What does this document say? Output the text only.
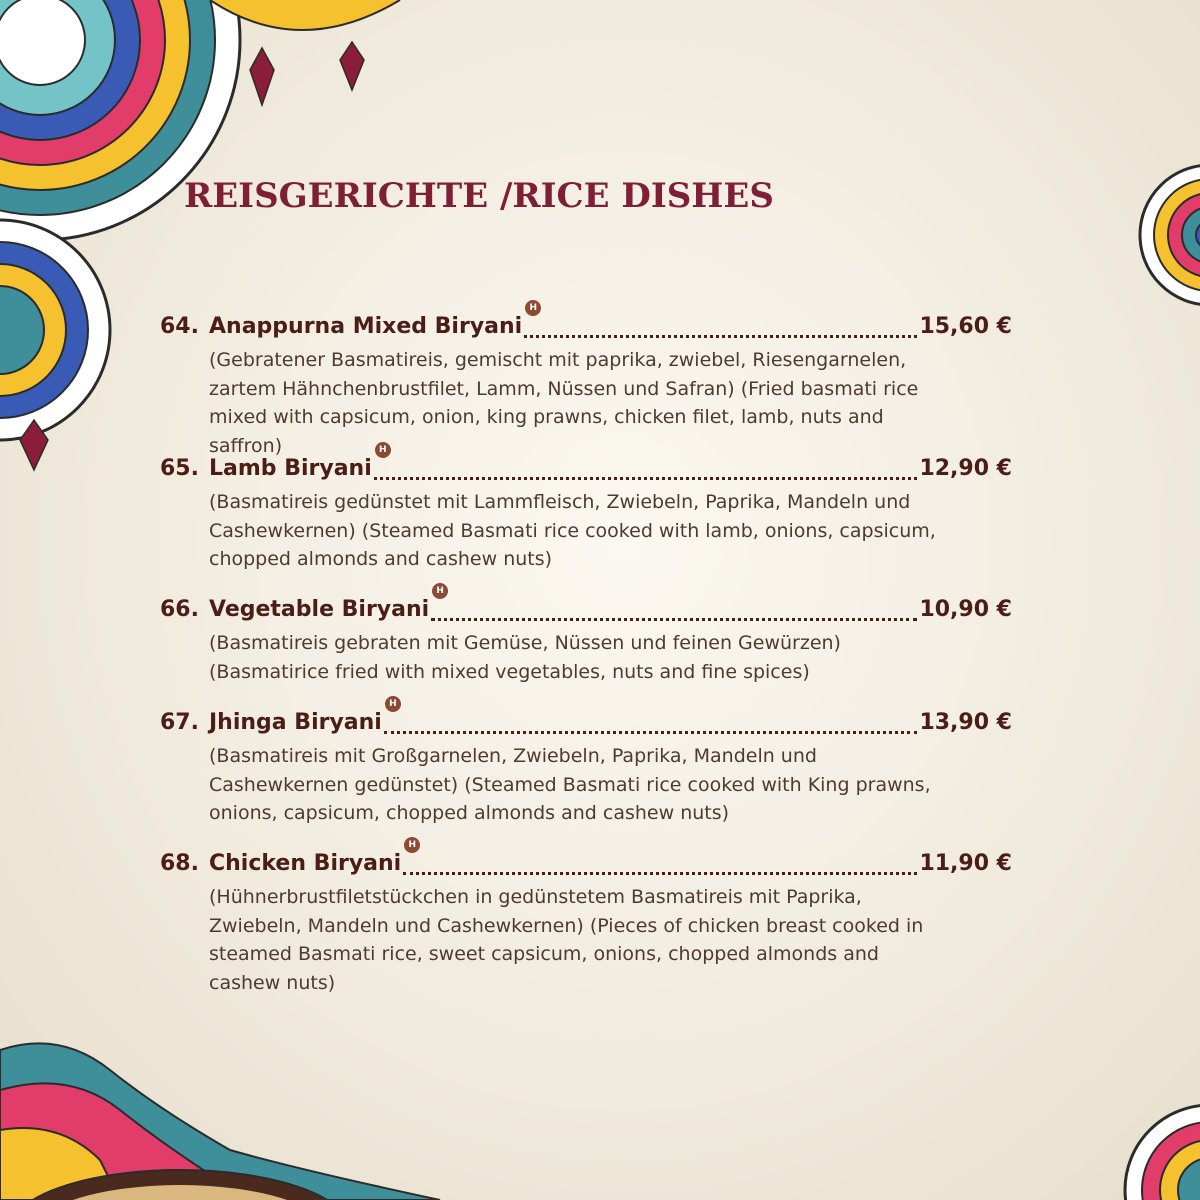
REISGERICHTE /RICE DISHES
64. Anappurna Mixed Biryani
H
15,60 €
(Gebratener Basmatireis, gemischt mit paprika, zwiebel, Riesengarnelen, zartem Hähnchenbrustfilet, Lamm, Nüssen und Safran) (Fried basmati rice mixed with capsicum, onion, king prawns, chicken filet, lamb, nuts and saffron)
65. Lamb Biryani
H
12,90 €
(Basmatireis gedünstet mit Lammfleisch, Zwiebeln, Paprika, Mandeln und Cashewkernen) (Steamed Basmati rice cooked with lamb, onions, capsicum, chopped almonds and cashew nuts)
66. Vegetable Biryani
H
10,90 €
(Basmatireis gebraten mit Gemüse, Nüssen und feinen Gewürzen) (Basmatirice fried with mixed vegetables, nuts and fine spices)
67. Jhinga Biryani
H
13,90 €
(Basmatireis mit Großgarnelen, Zwiebeln, Paprika, Mandeln und Cashewkernen gedünstet) (Steamed Basmati rice cooked with King prawns, onions, capsicum, chopped almonds and cashew nuts)
68. Chicken Biryani
H
11,90 €
(Hühnerbrustfiletstückchen in gedünstetem Basmatireis mit Paprika, Zwiebeln, Mandeln und Cashewkernen) (Pieces of chicken breast cooked in steamed Basmati rice, sweet capsicum, onions, chopped almonds and cashew nuts)
